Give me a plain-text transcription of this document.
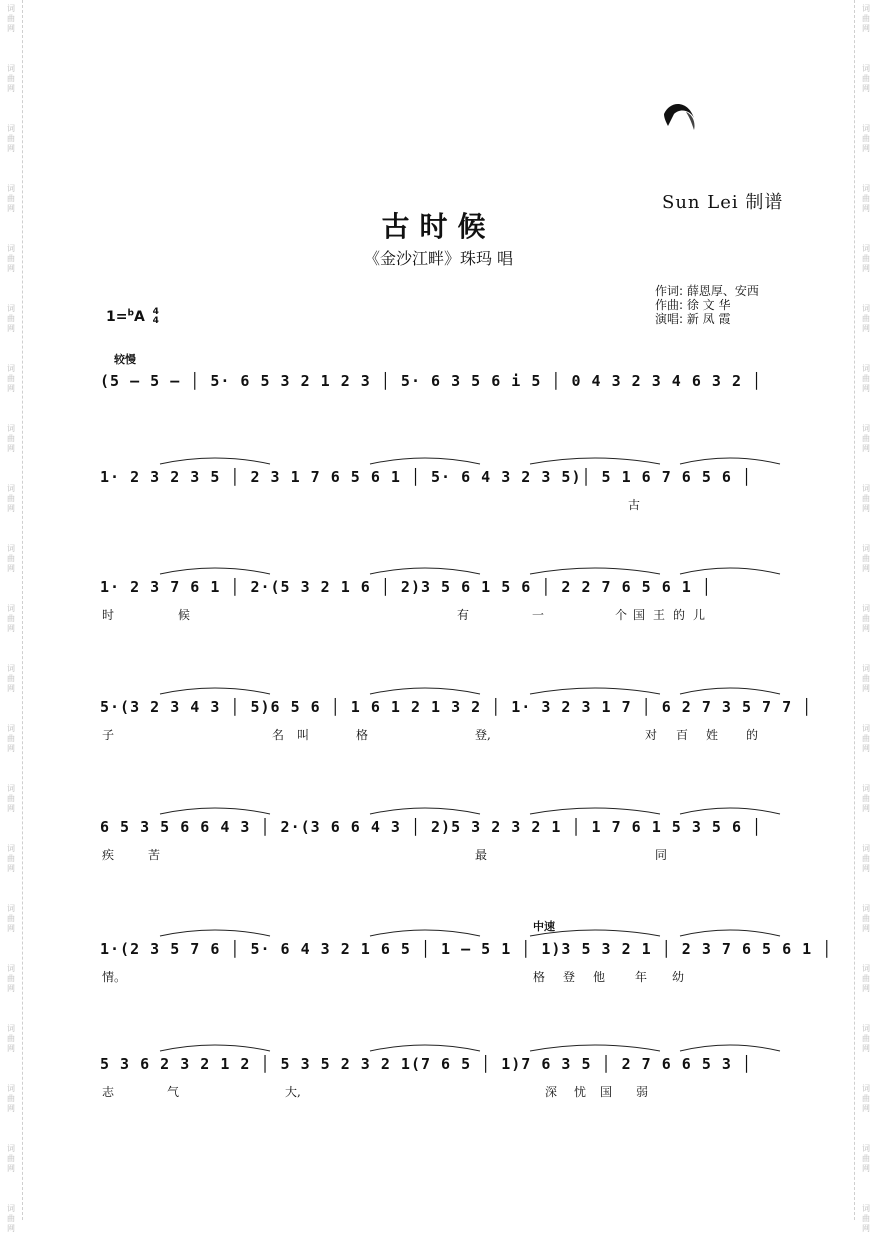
词
曲
网
词
曲
网
词
曲
网
词
曲
网
词
曲
网
词
曲
网
词
曲
网
词
曲
网
词
曲
网
词
曲
网
词
曲
网
词
曲
网
词
曲
网
词
曲
网
词
曲
网
词
曲
网
词
曲
网
词
曲
网
词
曲
网
词
曲
网
词
曲
网
词
曲
网
词
曲
网
词
曲
网
词
曲
网
词
曲
网
词
曲
网
词
曲
网
词
曲
网
词
曲
网
词
曲
网
词
曲
网
词
曲
网
词
曲
网
词
曲
网
词
曲
网
词
曲
网
词
曲
网
词
曲
网
词
曲
网
词
曲
网
词
曲
网
Sun Lei 制谱
古时候
《金沙江畔》珠玛 唱
作词: 薛恩厚、安西
作曲: 徐 文 华
演唱: 新 凤 霞
1=$^b$A 4
4
较慢
中速
(5 — 5 — │ 5· 6 5 3 2 1 2 3 │ 5· 6 3 5 6 i 5 │ 0 4 3 2 3 4 6 3 2 │
1· 2 3 2 3 5 │ 2 3 1 7 6 5 6 1 │ 5· 6 4 3 2 3 5)│ 5 1 6 7 6 5 6 │
古
1· 2 3 7 6 1 │ 2·(5 3 2 1 6 │ 2)3 5 6 1 5 6 │ 2 2 7 6 5 6 1 │
时	候	有	一	个 国 王 的 儿
5·(3 2 3 4 3 │ 5)6 5 6 │ 1 6 1 2 1 3 2 │ 1· 3 2 3 1 7 │ 6 2 7 3 5 7 7 │
子	名 叫	格	登,	对 百 姓 的
6 5 3 5 6 6 4 3 │ 2·(3 6 6 4 3 │ 2)5 3 2 3 2 1 │ 1 7 6 1 5 3 5 6 │
疾	苦	最	同
1·(2 3 5 7 6 │ 5· 6 4 3 2 1 6 5 │ 1 — 5 1 │ 1)3 5 3 2 1 │ 2 3 7 6 5 6 1 │
情。	格 登 他 年 幼
5 3 6 2 3 2 1 2 │ 5 3 5 2 3 2 1(7 6 5 │ 1)7 6 3 5 │ 2 7 6 6 5 3 │
志	气	大,	深 忧 国 弱
